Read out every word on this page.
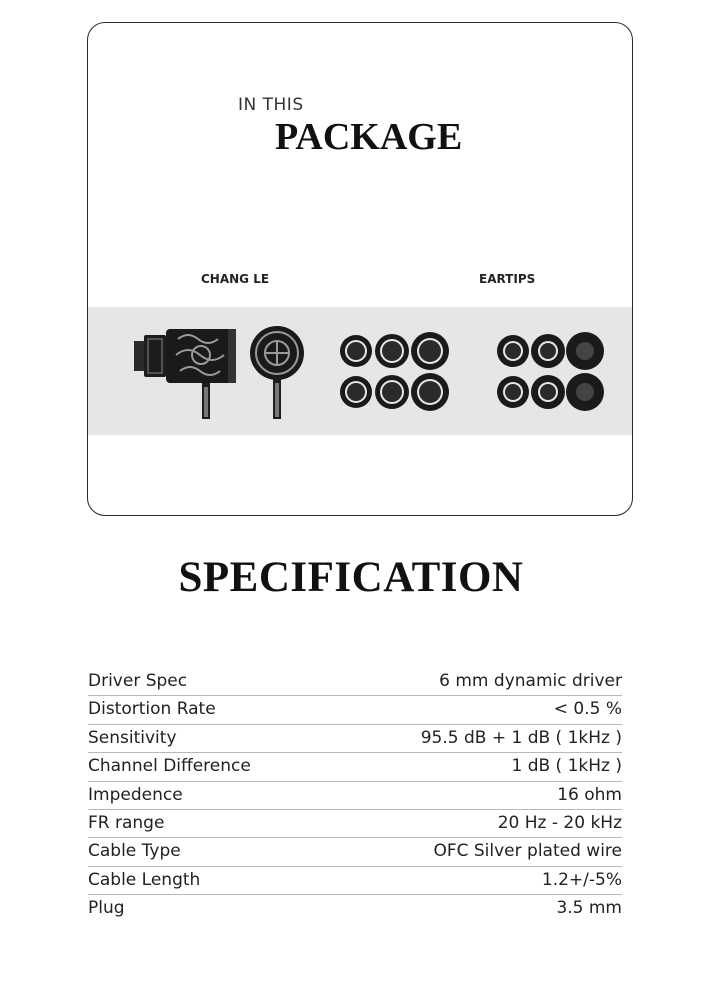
IN THIS
PACKAGE
CHANG LE	EARTIPS
SPECIFICATION
Driver Spec	6 mm dynamic driver
Distortion Rate	< 0.5 %
Sensitivity	95.5 dB + 1 dB ( 1kHz )
Channel Difference	1 dB ( 1kHz )
Impedence	16 ohm
FR range	20 Hz - 20 kHz
Cable Type	OFC Silver plated wire
Cable Length	1.2+/-5%
Plug	3.5 mm
